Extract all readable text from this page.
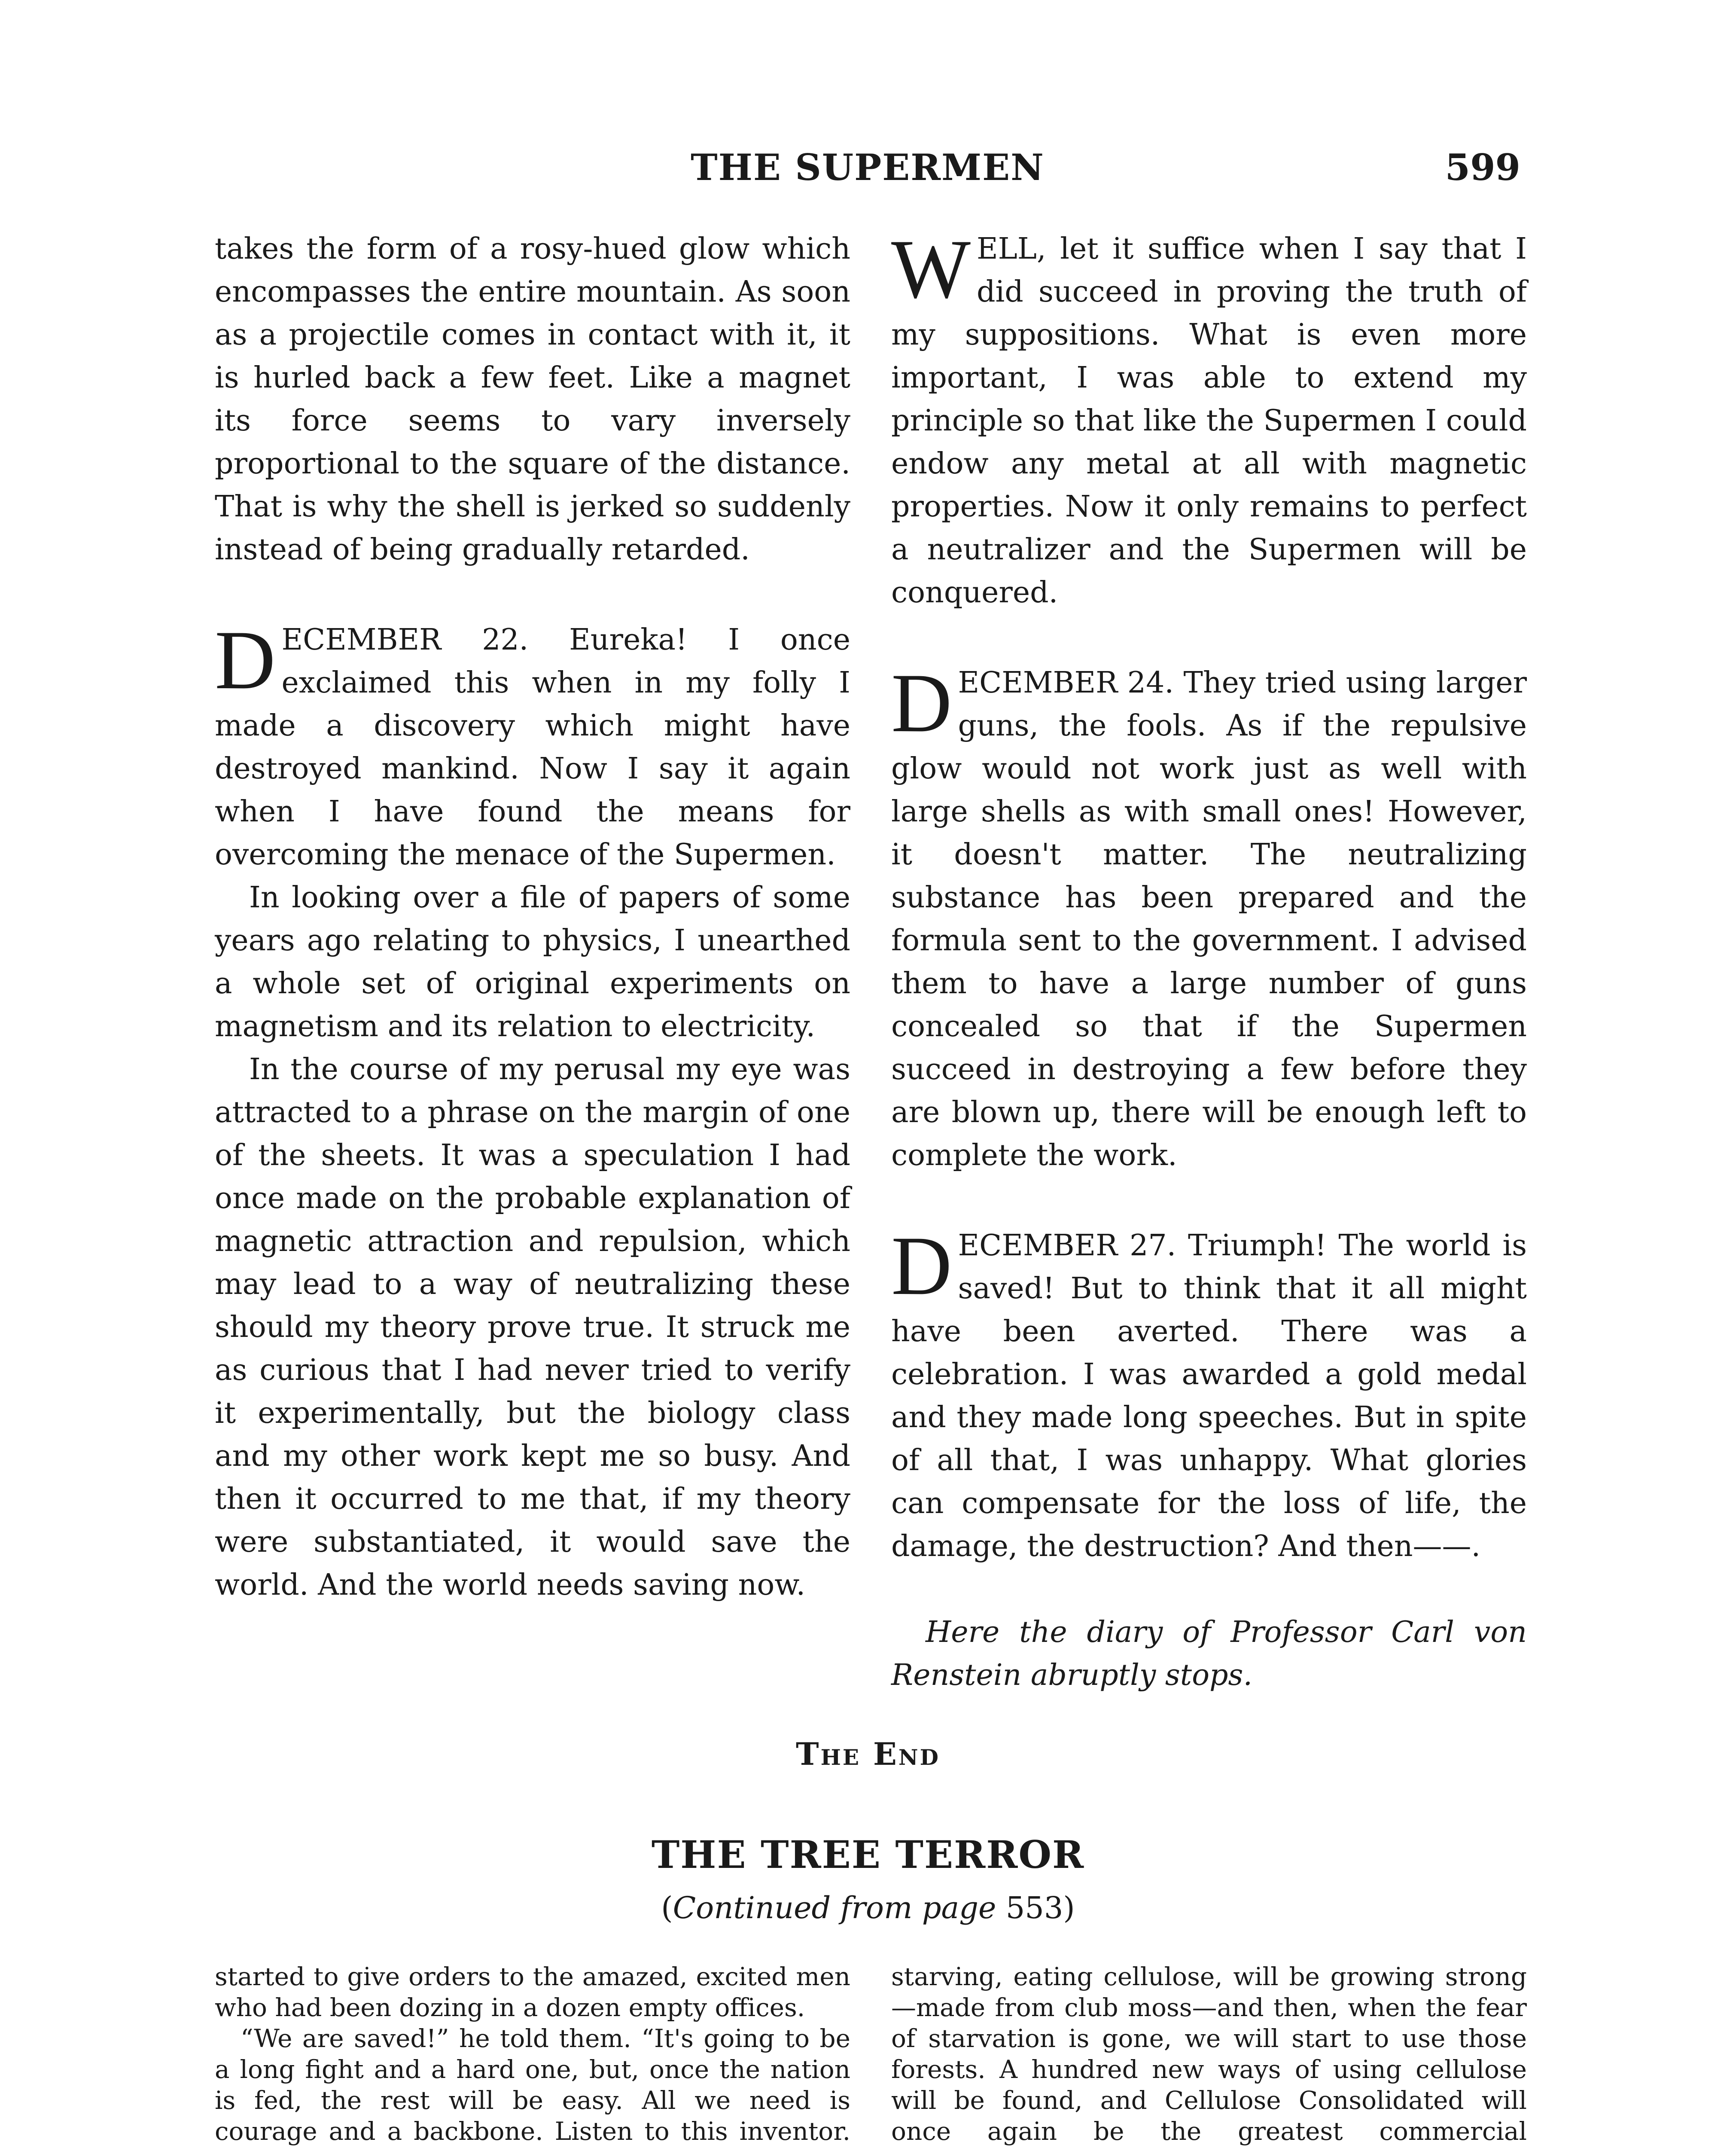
THE SUPERMEN	599

takes the form of a rosy-hued glow which encompasses the entire mountain. As soon as a projectile comes in contact with it, it is hurled back a few feet. Like a magnet its force seems to vary inversely proportional to the square of the distance. That is why the shell is jerked so suddenly instead of being gradually retarded.

DECEMBER 22. Eureka! I once exclaimed this when in my folly I made a discovery which might have destroyed mankind. Now I say it again when I have found the means for overcoming the menace of the Supermen.

In looking over a file of papers of some years ago relating to physics, I unearthed a whole set of original experiments on magnetism and its relation to electricity.

In the course of my perusal my eye was attracted to a phrase on the margin of one of the sheets. It was a speculation I had once made on the probable explanation of magnetic attraction and repulsion, which may lead to a way of neutralizing these should my theory prove true. It struck me as curious that I had never tried to verify it experimentally, but the biology class and my other work kept me so busy. And then it occurred to me that, if my theory were substantiated, it would save the world. And the world needs saving now.

WELL, let it suffice when I say that I did succeed in proving the truth of my suppositions. What is even more important, I was able to extend my principle so that like the Supermen I could endow any metal at all with magnetic properties. Now it only remains to perfect a neutralizer and the Supermen will be conquered.

DECEMBER 24. They tried using larger guns, the fools. As if the repulsive glow would not work just as well with large shells as with small ones! However, it doesn't matter. The neutralizing substance has been prepared and the formula sent to the government. I advised them to have a large number of guns concealed so that if the Supermen succeed in destroying a few before they are blown up, there will be enough left to complete the work.

DECEMBER 27. Triumph! The world is saved! But to think that it all might have been averted. There was a celebration. I was awarded a gold medal and they made long speeches. But in spite of all that, I was unhappy. What glories can compensate for the loss of life, the damage, the destruction? And then——.

Here the diary of Professor Carl von Renstein abruptly stops.

The End
THE TREE TERROR
(Continued from page 553)

started to give orders to the amazed, excited men who had been dozing in a dozen empty offices.

“We are saved!” he told them. “It's going to be a long fight and a hard one, but, once the nation is fed, the rest will be easy. All we need is courage and a backbone. Listen to this inventor.

starving, eating cellulose, will be growing strong—made from club moss—and then, when the fear of starvation is gone, we will start to use those forests. A hundred new ways of using cellulose will be found, and Cellulose Consolidated will once again be the greatest commercial
